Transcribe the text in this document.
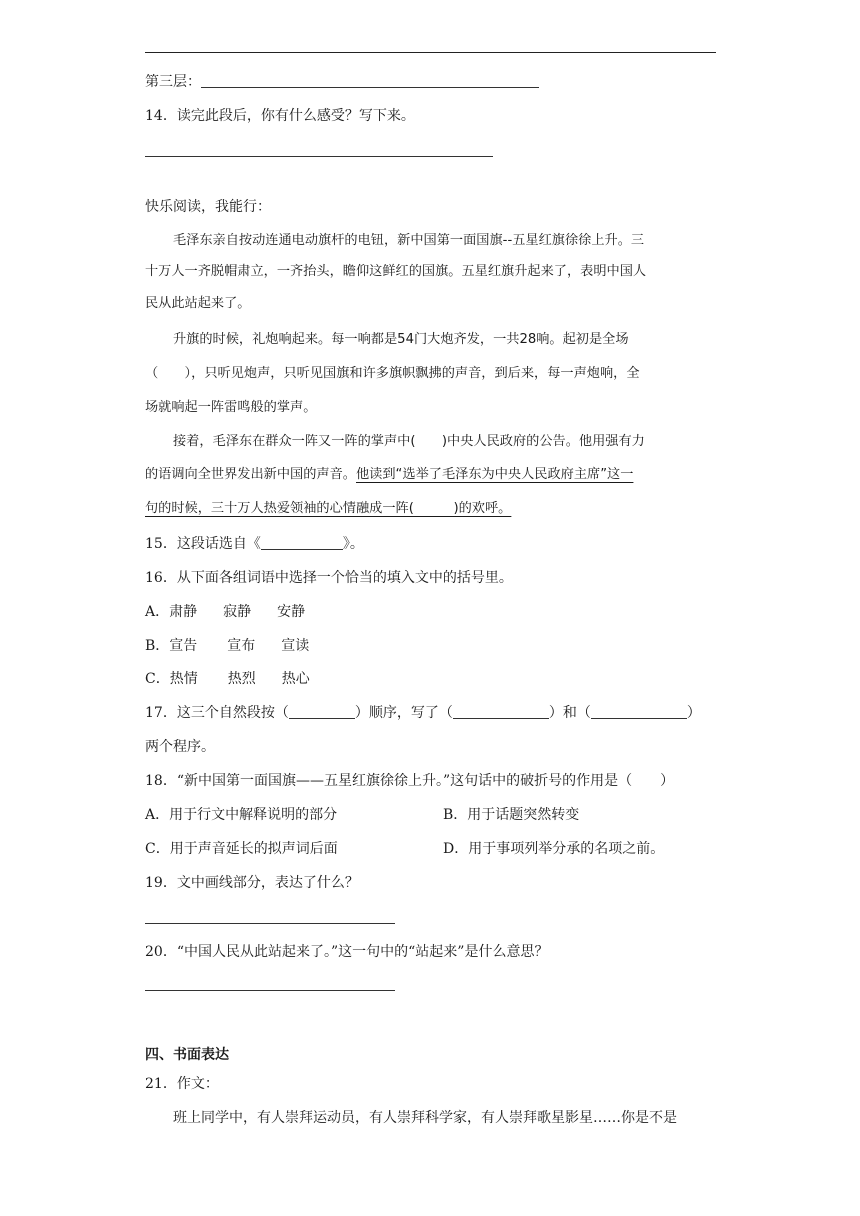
第三层：
14．读完此段后，你有什么感受？写下来。
快乐阅读，我能行：
毛泽东亲自按动连通电动旗杆的电钮，新中国第一面国旗--五星红旗徐徐上升。三
十万人一齐脱帽肃立，一齐抬头，瞻仰这鲜红的国旗。五星红旗升起来了，表明中国人
民从此站起来了。
升旗的时候，礼炮响起来。每一响都是54门大炮齐发，一共28响。起初是全场
（　　），只听见炮声，只听见国旗和许多旗帜飘拂的声音，到后来，每一声炮响，全
场就响起一阵雷鸣般的掌声。
接着，毛泽东在群众一阵又一阵的掌声中(　　)中央人民政府的公告。他用强有力
的语调向全世界发出新中国的声音。他读到“选举了毛泽东为中央人民政府主席”这一
句的时候，三十万人热爱领袖的心情融成一阵(　　　)的欢呼。
15．这段话选自《	》。
16．从下面各组词语中选择一个恰当的填入文中的括号里。
A．肃静 寂静 安静
B．宣告 宣布 宣读
C．热情 热烈 热心
17．这三个自然段按（	）顺序，写了（	）和（	）
两个程序。
18．“新中国第一面国旗——五星红旗徐徐上升。”这句话中的破折号的作用是（　　）
A．用于行文中解释说明的部分	B．用于话题突然转变
C．用于声音延长的拟声词后面	D．用于事项列举分承的名项之前。
19．文中画线部分，表达了什么？
20．“中国人民从此站起来了。”这一句中的“站起来”是什么意思？
四、书面表达
21．作文：
班上同学中，有人崇拜运动员，有人崇拜科学家，有人崇拜歌星影星……你是不是
